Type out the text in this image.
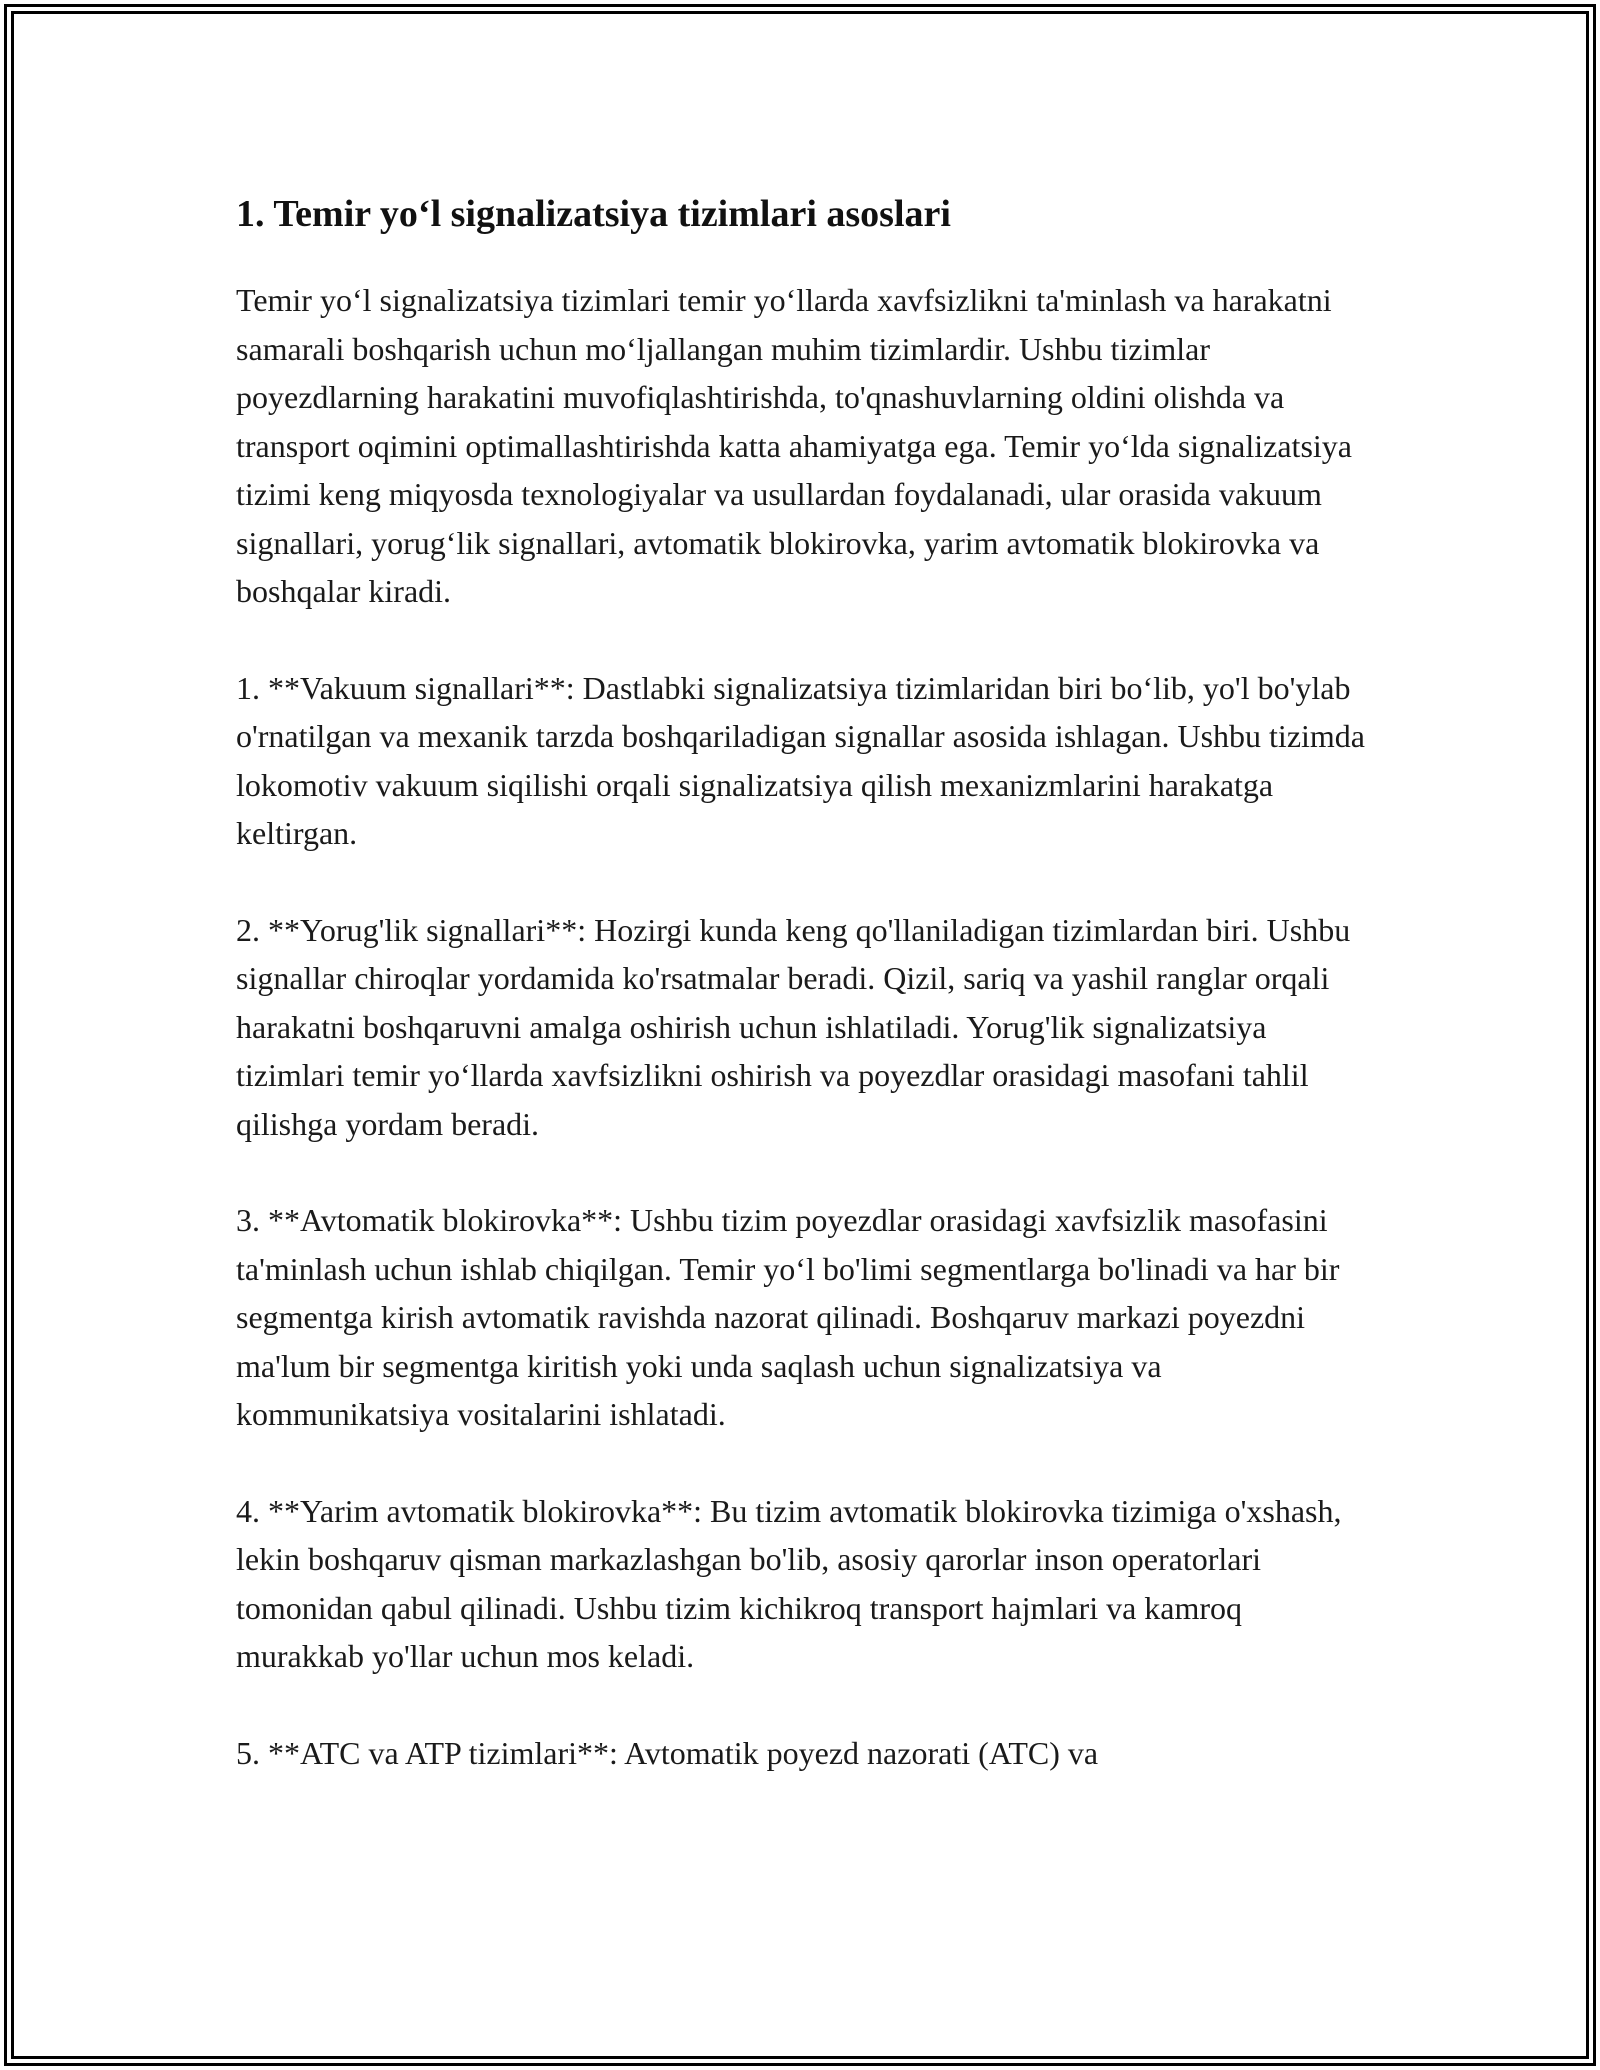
1. Temir yo‘l signalizatsiya tizimlari asoslari

Temir yo‘l signalizatsiya tizimlari temir yo‘llarda xavfsizlikni ta'minlash va harakatni samarali boshqarish uchun mo‘ljallangan muhim tizimlardir. Ushbu tizimlar poyezdlarning harakatini muvofiqlashtirishda, to'qnashuvlarning oldini olishda va transport oqimini optimallashtirishda katta ahamiyatga ega. Temir yo‘lda signalizatsiya tizimi keng miqyosda texnologiyalar va usullardan foydalanadi, ular orasida vakuum signallari, yorug‘lik signallari, avtomatik blokirovka, yarim avtomatik blokirovka va boshqalar kiradi.

1. **Vakuum signallari**: Dastlabki signalizatsiya tizimlaridan biri bo‘lib, yo'l bo'ylab o'rnatilgan va mexanik tarzda boshqariladigan signallar asosida ishlagan. Ushbu tizimda lokomotiv vakuum siqilishi orqali signalizatsiya qilish mexanizmlarini harakatga keltirgan.

2. **Yorug'lik signallari**: Hozirgi kunda keng qo'llaniladigan tizimlardan biri. Ushbu signallar chiroqlar yordamida ko'rsatmalar beradi. Qizil, sariq va yashil ranglar orqali harakatni boshqaruvni amalga oshirish uchun ishlatiladi. Yorug'lik signalizatsiya tizimlari temir yo‘llarda xavfsizlikni oshirish va poyezdlar orasidagi masofani tahlil qilishga yordam beradi.

3. **Avtomatik blokirovka**: Ushbu tizim poyezdlar orasidagi xavfsizlik masofasini ta'minlash uchun ishlab chiqilgan. Temir yo‘l bo'limi segmentlarga bo'linadi va har bir segmentga kirish avtomatik ravishda nazorat qilinadi. Boshqaruv markazi poyezdni ma'lum bir segmentga kiritish yoki unda saqlash uchun signalizatsiya va kommunikatsiya vositalarini ishlatadi.

4. **Yarim avtomatik blokirovka**: Bu tizim avtomatik blokirovka tizimiga o'xshash, lekin boshqaruv qisman markazlashgan bo'lib, asosiy qarorlar inson operatorlari tomonidan qabul qilinadi. Ushbu tizim kichikroq transport hajmlari va kamroq murakkab yo'llar uchun mos keladi.

5. **ATC va ATP tizimlari**: Avtomatik poyezd nazorati (ATC) va
